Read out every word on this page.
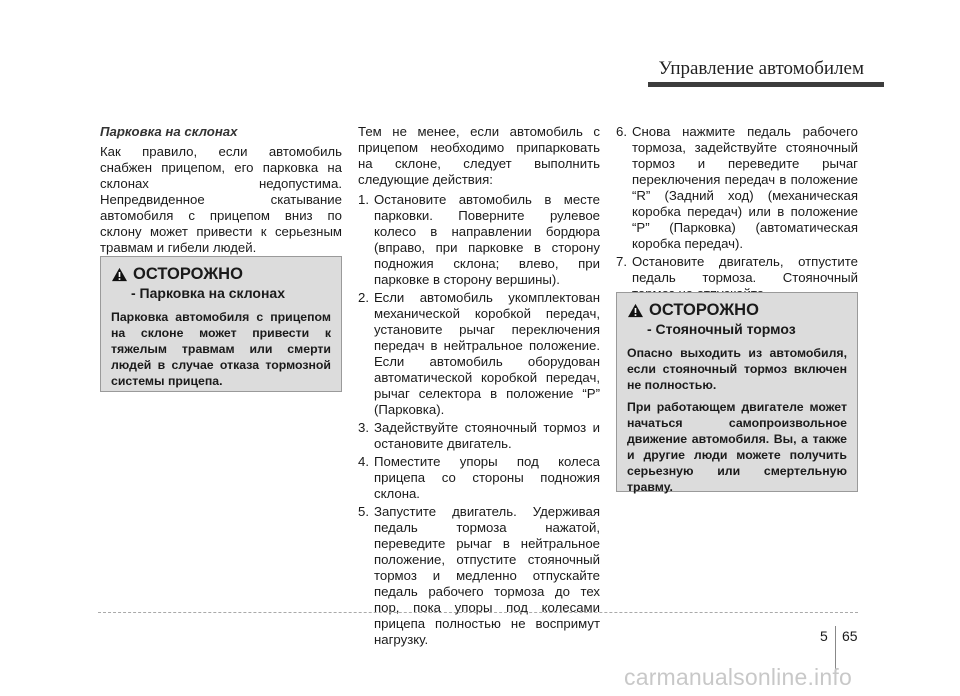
Управление автомобилем
Парковка на склонах

Как правило, если автомобиль снабжен прицепом, его парковка на склонах недопустима. Непредвиденное скатывание автомобиля с прицепом вниз по склону может привести к серьезным травмам и гибели людей.

ОСТОРОЖНО
- Парковка на склонах
Парковка автомобиля с прицепом на склоне может привести к тяжелым травмам или смерти людей в случае отказа тормозной системы прицепа.

Тем не менее, если автомобиль с прицепом необходимо припарковать на склоне, следует выполнить следующие действия:

1. Остановите автомобиль в месте парковки. Поверните рулевое колесо в направлении бордюра (вправо, при парковке в сторону подножия склона; влево, при парковке в сторону вершины).
2. Если автомобиль укомплектован механической коробкой передач, установите рычаг переключения передач в нейтральное положение. Если автомобиль оборудован автоматической коробкой передач, рычаг селектора в положение “P” (Парковка).
3. Задействуйте стояночный тормоз и остановите двигатель.
4. Поместите упоры под колеса прицепа со стороны подножия склона.
5. Запустите двигатель. Удерживая педаль тормоза нажатой, переведите рычаг в нейтральное положение, отпустите стояночный тормоз и медленно отпускайте педаль рабочего тормоза до тех пор, пока упоры под колесами прицепа полностью не воспримут нагрузку.
6. Снова нажмите педаль рабочего тормоза, задействуйте стояночный тормоз и переведите рычаг переключения передач в положение “R” (Задний ход) (механическая коробка передач) или в положение “P” (Парковка) (автоматическая коробка передач).
7. Остановите двигатель, отпустите педаль тормоза. Стояночный
ОСТОРОЖНО
- Стояночный тормоз
Опасно выходить из автомобиля, если стояночный тормоз включен не полностью.
При работающем двигателе может начаться самопроизвольное движение автомобиля. Вы, а также и другие люди можете получить серьезную или смертельную травму.
5 65
carmanualsonline.info
